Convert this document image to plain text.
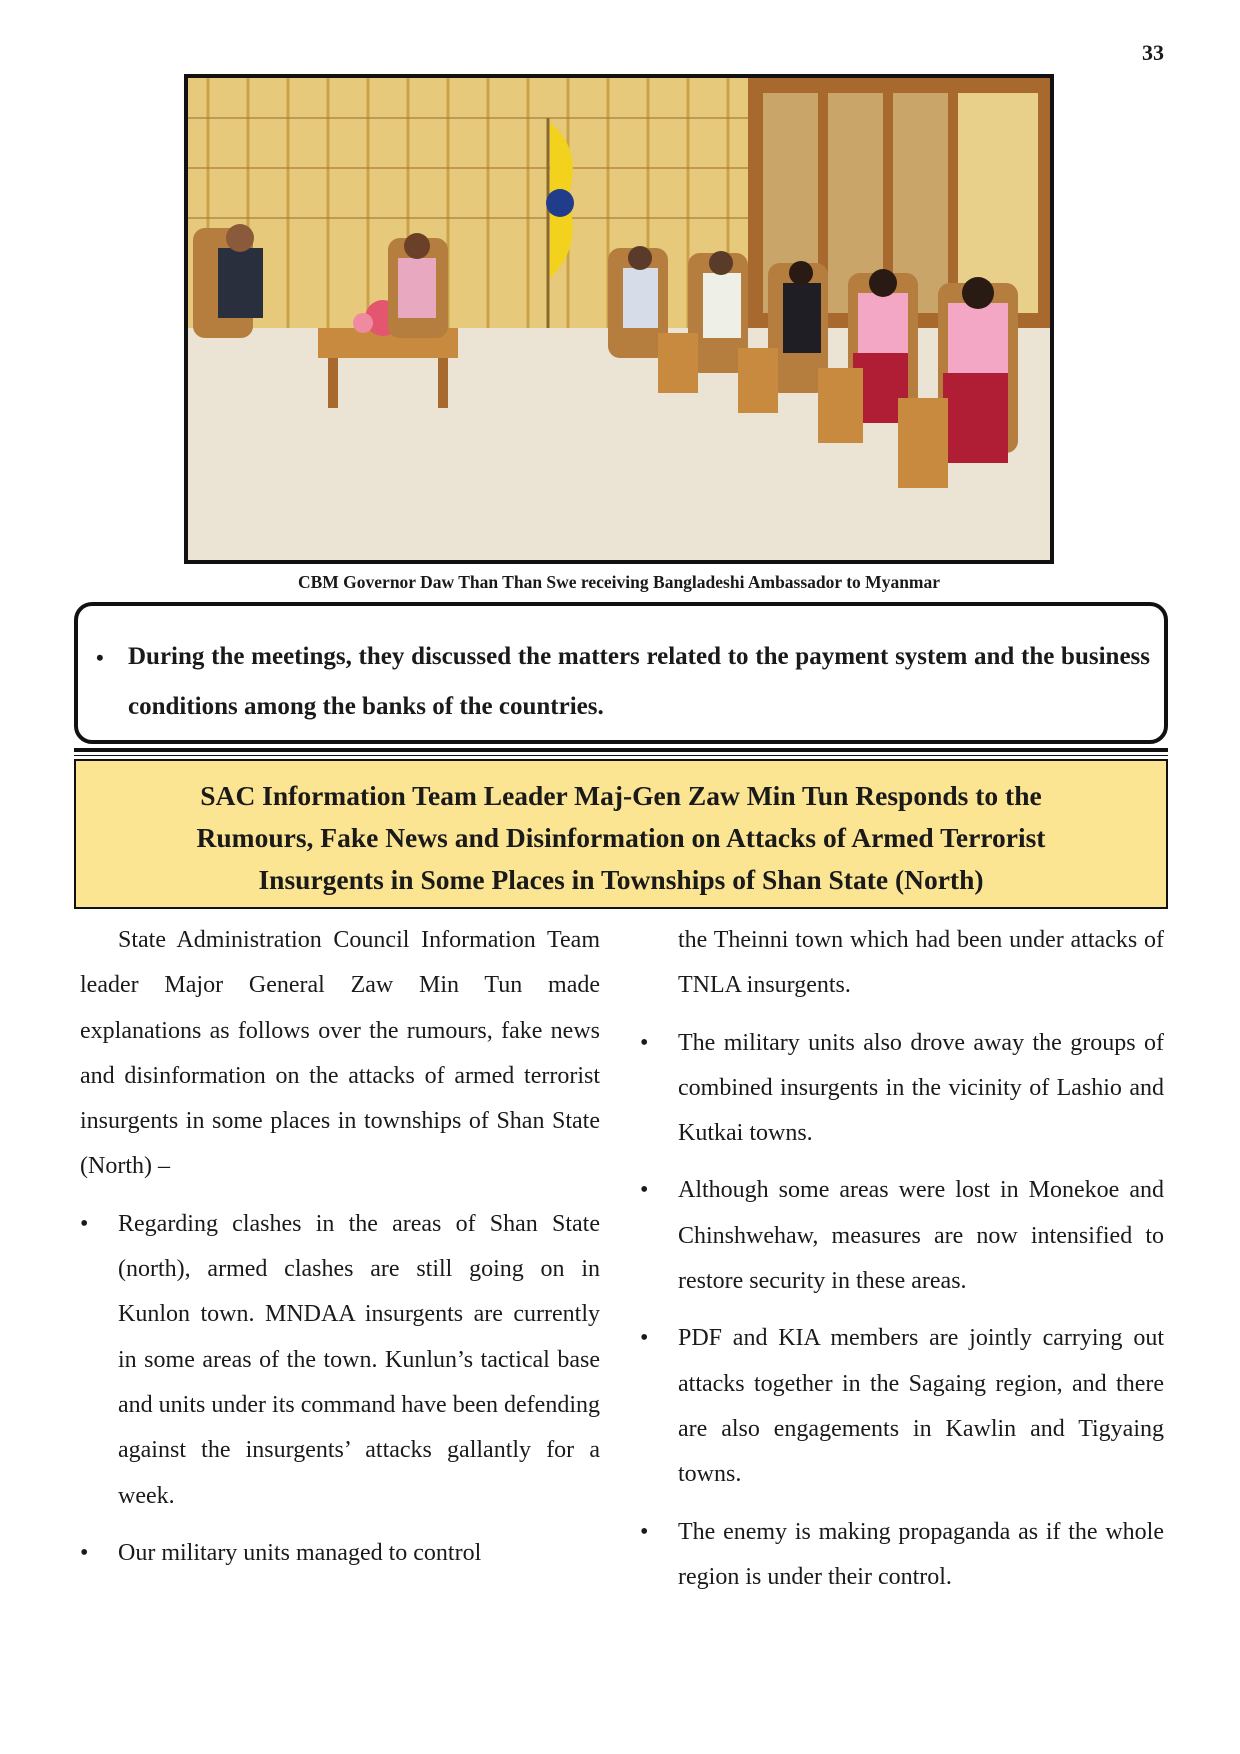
33
CBM Governor Daw Than Than Swe receiving Bangladeshi Ambassador to Myanmar
• During the meetings, they discussed the matters related to the payment system and the business conditions among the banks of the countries.
SAC Information Team Leader Maj-Gen Zaw Min Tun Responds to the
Rumours, Fake News and Disinformation on Attacks of Armed Terrorist
Insurgents in Some Places in Townships of Shan State (North)

State Administration Council Information Team leader Major General Zaw Min Tun made explanations as follows over the rumours, fake news and disinformation on the attacks of armed terrorist insurgents in some places in townships of Shan State (North) –

• Regarding clashes in the areas of Shan State (north), armed clashes are still going on in Kunlon town. MNDAA insurgents are currently in some areas of the town. Kunlun’s tactical base and units under its command have been defending against the insurgents’ attacks gallantly for a week.
• Our military units managed to control
the Theinni town which had been under attacks of TNLA insurgents.
• The military units also drove away the groups of combined insurgents in the vicinity of Lashio and Kutkai towns.
• Although some areas were lost in Monekoe and Chinshwehaw, measures are now intensified to restore security in these areas.
• PDF and KIA members are jointly carrying out attacks together in the Sagaing region, and there are also engagements in Kawlin and Tigyaing towns.
• The enemy is making propaganda as if the whole region is under their control.
